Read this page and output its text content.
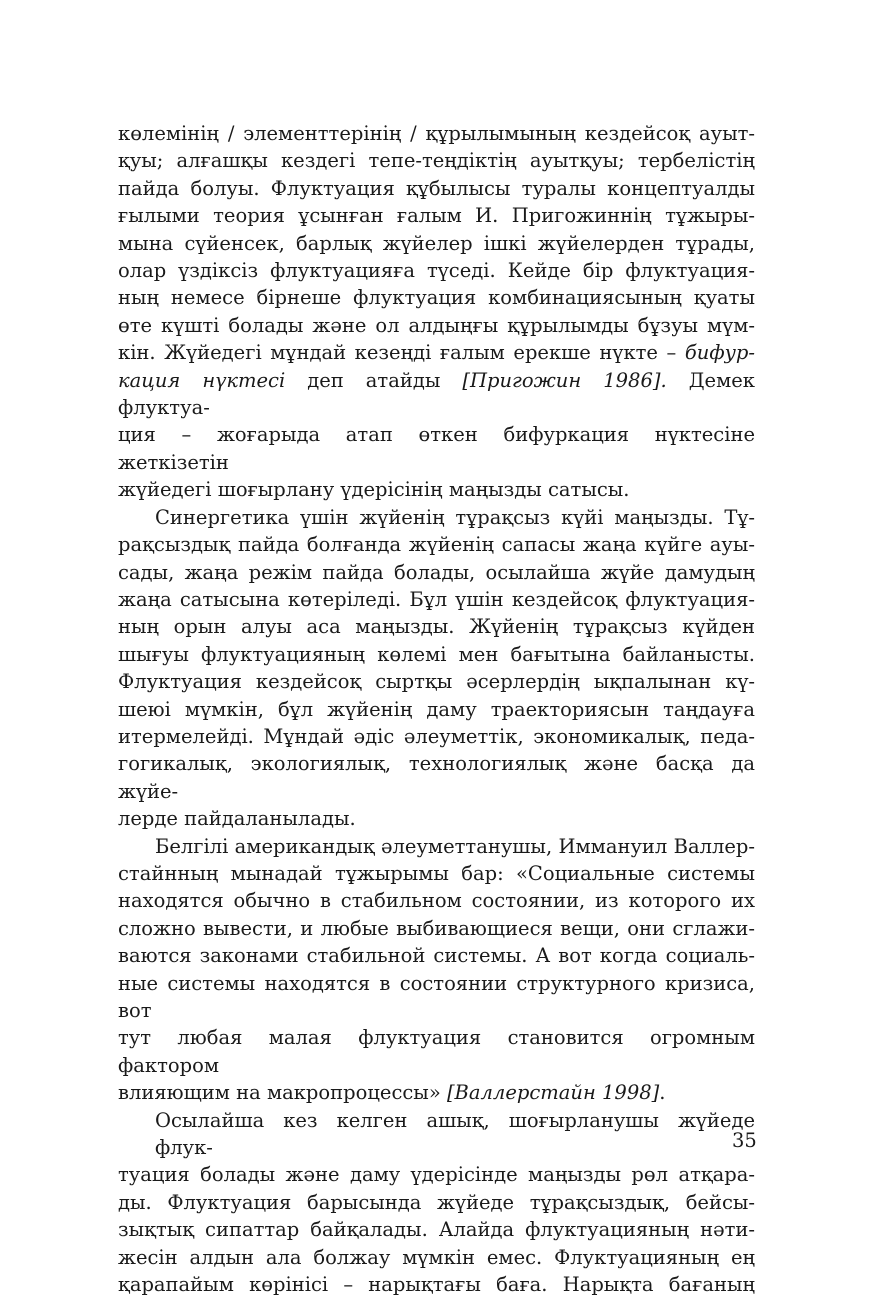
көлемінің / элементтерінің / құрылымының кездейсоқ ауыт-
қуы; алғашқы кездегі тепе-теңдіктің ауытқуы; тербелістің
пайда болуы. Флуктуация құбылысы туралы концептуалды
ғылыми теория ұсынған ғалым И. Пригожиннің тұжыры-
мына сүйенсек, барлық жүйелер ішкі жүйелерден тұрады,
олар үздіксіз флуктуацияға түседі. Кейде бір флуктуация-
ның немесе бірнеше флуктуация комбинациясының қуаты
өте күшті болады және ол алдыңғы құрылымды бұзуы мүм-
кін. Жүйедегі мұндай кезеңді ғалым ерекше нүкте – бифур-
кация нүктесі деп атайды [Пригожин 1986]. Демек флуктуа-
ция – жоғарыда атап өткен бифуркация нүктесіне жеткізетін
жүйедегі шоғырлану үдерісінің маңызды сатысы.
Синергетика үшін жүйенің тұрақсыз күйі маңызды. Тұ-
рақсыздық пайда болғанда жүйенің сапасы жаңа күйге ауы-
сады, жаңа режім пайда болады, осылайша жүйе дамудың
жаңа сатысына көтеріледі. Бұл үшін кездейсоқ флуктуация-
ның орын алуы аса маңызды. Жүйенің тұрақсыз күйден
шығуы флуктуацияның көлемі мен бағытына байланысты.
Флуктуация кездейсоқ сыртқы әсерлердің ықпалынан кү-
шеюі мүмкін, бұл жүйенің даму траекториясын таңдауға
итермелейді. Мұндай әдіс әлеуметтік, экономикалық, педа-
гогикалық, экологиялық, технологиялық және басқа да жүйе-
лерде пайдаланылады.
Белгілі американдық әлеуметтанушы, Иммануил Валлер-
стайнның мынадай тұжырымы бар: «Социальные системы
находятся обычно в стабильном состоянии, из которого их
сложно вывести, и любые выбивающиеся вещи, они сглажи-
ваются законами стабильной системы. А вот когда социаль-
ные системы находятся в состоянии структурного кризиса, вот
тут любая малая флуктуация становится огромным фактором
влияющим на макропроцессы» [Валлерстайн 1998].
Осылайша кез келген ашық, шоғырланушы жүйеде флук-
туация болады және даму үдерісінде маңызды рөл атқара-
ды. Флуктуация барысында жүйеде тұрақсыздық, бейсы-
зықтық сипаттар байқалады. Алайда флуктуацияның нәти-
жесін алдын ала болжау мүмкін емес. Флуктуацияның ең
қарапайым көрінісі – нарықтағы баға. Нарықта бағаның
35
